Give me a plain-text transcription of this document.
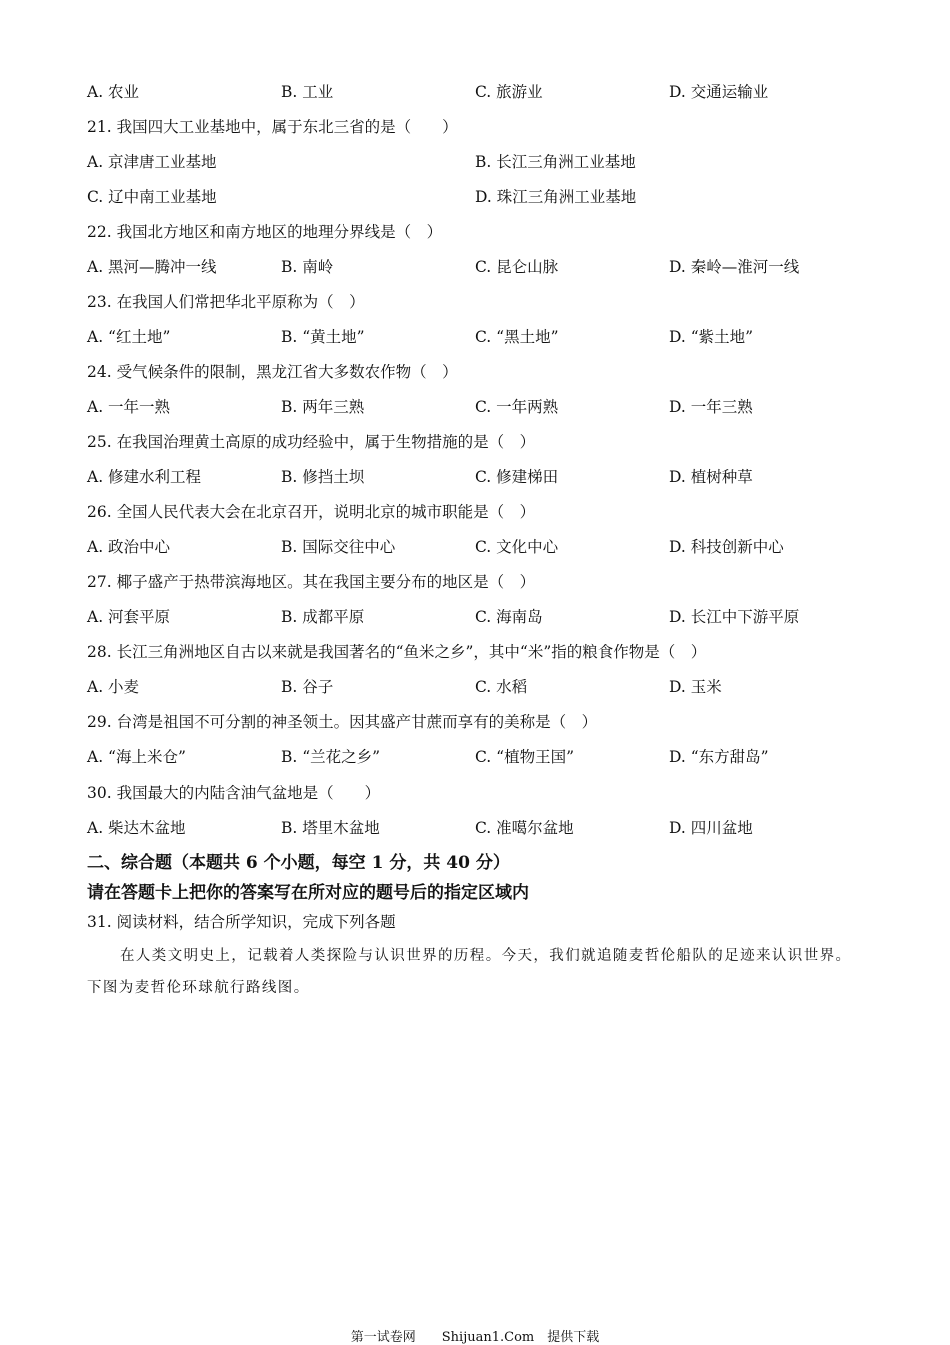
A. 农业	B. 工业	C. 旅游业	D. 交通运输业
21. 我国四大工业基地中，属于东北三省的是（　　）
A. 京津唐工业基地	B. 长江三角洲工业基地
C. 辽中南工业基地	D. 珠江三角洲工业基地
22. 我国北方地区和南方地区的地理分界线是（　）
A. 黑河—腾冲一线	B. 南岭	C. 昆仑山脉	D. 秦岭—淮河一线
23. 在我国人们常把华北平原称为（　）
A. “红土地”	B. “黄土地”	C. “黑土地”	D. “紫土地”
24. 受气候条件的限制，黑龙江省大多数农作物（　）
A. 一年一熟	B. 两年三熟	C. 一年两熟	D. 一年三熟
25. 在我国治理黄土高原的成功经验中，属于生物措施的是（　）
A. 修建水利工程	B. 修挡土坝	C. 修建梯田	D. 植树种草
26. 全国人民代表大会在北京召开，说明北京的城市职能是（　）
A. 政治中心	B. 国际交往中心	C. 文化中心	D. 科技创新中心
27. 椰子盛产于热带滨海地区。其在我国主要分布的地区是（　）
A. 河套平原	B. 成都平原	C. 海南岛	D. 长江中下游平原
28. 长江三角洲地区自古以来就是我国著名的“鱼米之乡”，其中“米”指的粮食作物是（　）
A. 小麦	B. 谷子	C. 水稻	D. 玉米
29. 台湾是祖国不可分割的神圣领土。因其盛产甘蔗而享有的美称是（　）
A. “海上米仓”	B. “兰花之乡”	C. “植物王国”	D. “东方甜岛”
30. 我国最大的内陆含油气盆地是（　　）
A. 柴达木盆地	B. 塔里木盆地	C. 准噶尔盆地	D. 四川盆地
二、综合题（本题共 6 个小题，每空 1 分，共 40 分）
请在答题卡上把你的答案写在所对应的题号后的指定区域内
31. 阅读材料，结合所学知识，完成下列各题
在人类文明史上，记载着人类探险与认识世界的历程。今天，我们就追随麦哲伦船队的足迹来认识世界。下图为麦哲伦环球航行路线图。
第一试卷网　　Shijuan1.Com　提供下载
